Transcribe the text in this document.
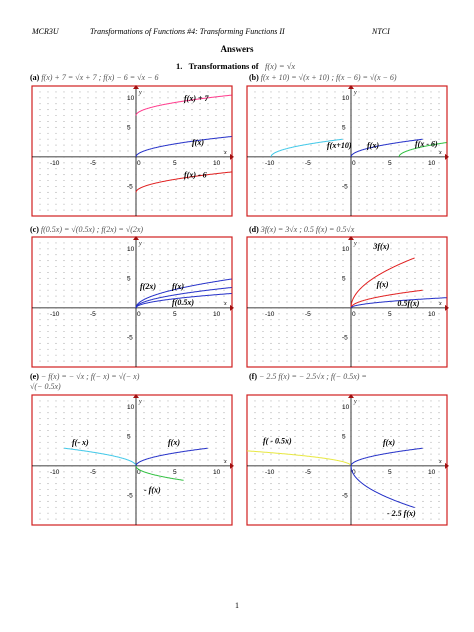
MCR3U	Transformations of Functions #4: Transforming Functions II	NTCI
Answers
1. Transformations of f(x) = √x
(a) f(x) + 7 = √x + 7 ; f(x) − 6 = √x − 6	(b) f(x + 10) = √(x + 10) ; f(x − 6) = √(x − 6)
(c) f(0.5x) = √(0.5x) ; f(2x) = √(2x)	(d) 3f(x) = 3√x ; 0.5 f(x) = 0.5√x
(e) − f(x) = − √x ; f(− x) = √(− x)
√(− 0.5x)
(f) − 2.5 f(x) = − 2.5√x ; f(− 0.5x) =
x
y
-10	-5	0	5	10
10
5
-5
f(x) + 7
f(x)
f(x) - 6
x
y
-10	-5	0	5	10
10
5
-5
f(x+10) f(x)	f(x - 6)
x
y
-10	-5	0	5	10
10
5
-5
f(2x) f(x)
f(0.5x)	x
y
-10	-5	0	5	10
10
5
-5
3f(x)
f(x)
0.5f(x)
x
y
-10	-5	0	5	10
10
5
-5
f(- x)	f(x)
- f(x)
x
y
-10	-5	0	5	10
10
5
-5
f( - 0.5x)	f(x)
- 2.5 f(x)
1
